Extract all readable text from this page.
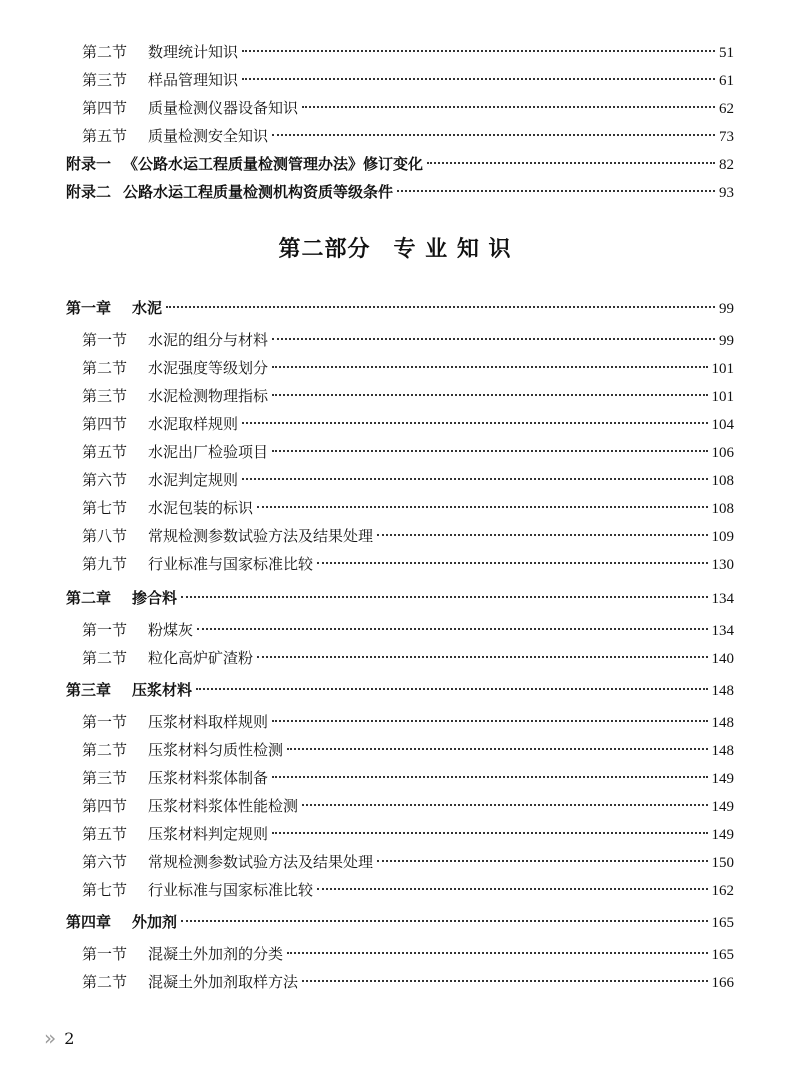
第二节	数理统计知识	51
第三节	样品管理知识	61
第四节	质量检测仪器设备知识	62
第五节	质量检测安全知识	73
附录一 《公路水运工程质量检测管理办法》修订变化	82
附录二 公路水运工程质量检测机构资质等级条件	93
第二部分　专 业 知 识
第一章	水泥	99
第一节	水泥的组分与材料	99
第二节	水泥强度等级划分	101
第三节	水泥检测物理指标	101
第四节	水泥取样规则	104
第五节	水泥出厂检验项目	106
第六节	水泥判定规则	108
第七节	水泥包装的标识	108
第八节	常规检测参数试验方法及结果处理	109
第九节	行业标准与国家标准比较	130
第二章	掺合料	134
第一节	粉煤灰	134
第二节	粒化高炉矿渣粉	140
第三章	压浆材料	148
第一节	压浆材料取样规则	148
第二节	压浆材料匀质性检测	148
第三节	压浆材料浆体制备	149
第四节	压浆材料浆体性能检测	149
第五节	压浆材料判定规则	149
第六节	常规检测参数试验方法及结果处理	150
第七节	行业标准与国家标准比较	162
第四章	外加剂	165
第一节	混凝土外加剂的分类	165
第二节	混凝土外加剂取样方法	166
» 2
